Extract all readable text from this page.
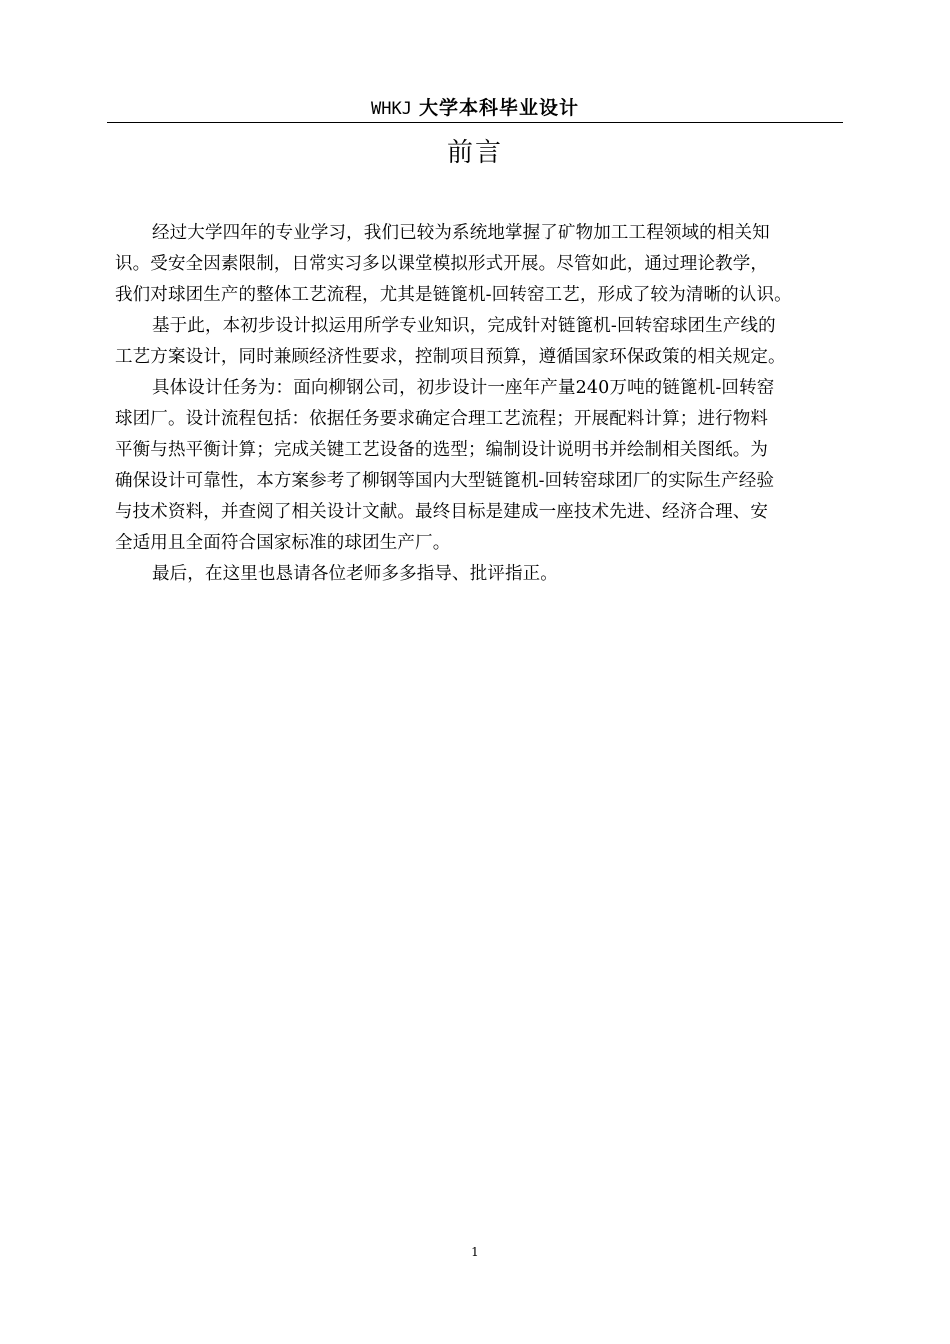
WHKJ 大学本科毕业设计
前言
经过大学四年的专业学习，我们已较为系统地掌握了矿物加工工程领域的相关知
识。受安全因素限制，日常实习多以课堂模拟形式开展。尽管如此，通过理论教学，
我们对球团生产的整体工艺流程，尤其是链篦机-回转窑工艺，形成了较为清晰的认识。
基于此，本初步设计拟运用所学专业知识，完成针对链篦机-回转窑球团生产线的
工艺方案设计，同时兼顾经济性要求，控制项目预算，遵循国家环保政策的相关规定。
具体设计任务为：面向柳钢公司，初步设计一座年产量240万吨的链篦机-回转窑
球团厂。设计流程包括：依据任务要求确定合理工艺流程；开展配料计算；进行物料
平衡与热平衡计算；完成关键工艺设备的选型；编制设计说明书并绘制相关图纸。为
确保设计可靠性，本方案参考了柳钢等国内大型链篦机-回转窑球团厂的实际生产经验
与技术资料，并查阅了相关设计文献。最终目标是建成一座技术先进、经济合理、安
全适用且全面符合国家标准的球团生产厂。
最后，在这里也恳请各位老师多多指导、批评指正。
1
